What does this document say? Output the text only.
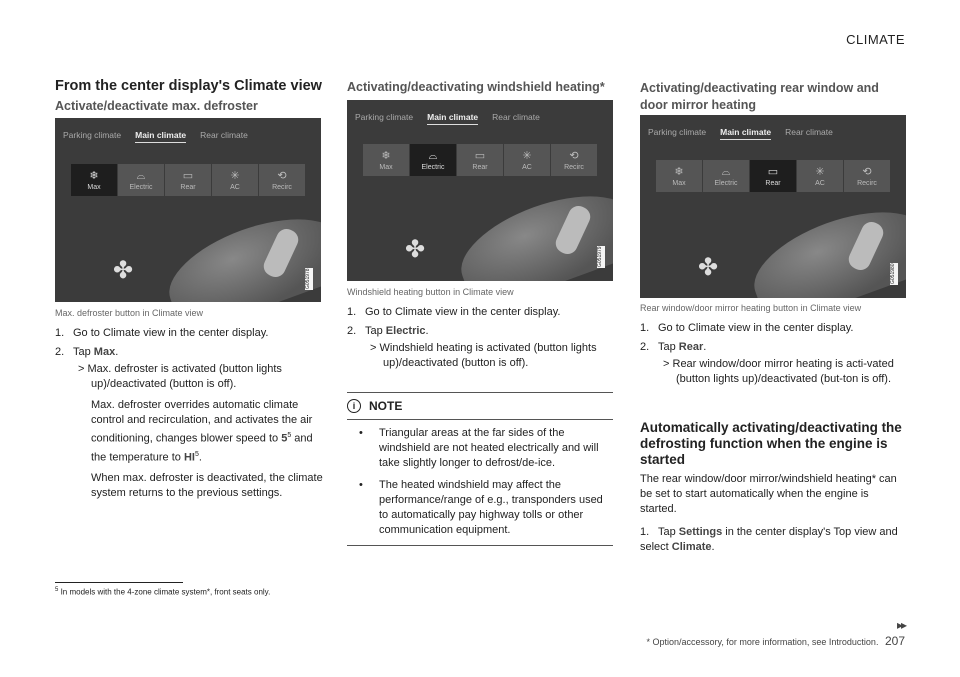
CLIMATE
From the center display's Climate view
Activate/deactivate max. defroster
Parking climate Main climate Rear climate
❄
Max
⌓
Electric
▭
Rear
✳
AC
⟲
Recirc
✤	G051978
Max. defroster button in Climate view
1. Go to Climate view in the center display.
2. Tap Max.
> Max. defroster is activated (button lights up)/deactivated (button is off).
Max. defroster overrides automatic climate control and recirculation, and activates the air conditioning, changes blower speed to $5^5$ and the temperature to $HI^5$.
When max. defroster is deactivated, the climate system returns to the previous settings.
Activating/deactivating windshield heating*
Parking climate Main climate Rear climate
❄
Max
⌓
Electric
▭
Rear
✳
AC
⟲
Recirc
✤	G051979
Windshield heating button in Climate view
1. Go to Climate view in the center display.
2. Tap Electric.
> Windshield heating is activated (button lights up)/deactivated (button is off).
i	NOTE
• Triangular areas at the far sides of the windshield are not heated electrically and will take slightly longer to defrost/de-ice.
• The heated windshield may affect the performance/range of e.g., transponders used to automatically pay highway tolls or other communication equipment.
Activating/deactivating rear window and
door mirror heating
Parking climate Main climate Rear climate
❄
Max
⌓
Electric
▭
Rear
✳
AC
⟲
Recirc
✤	G051980
Rear window/door mirror heating button in Climate view
1. Go to Climate view in the center display.
2. Tap Rear.
> Rear window/door mirror heating is acti-vated (button lights up)/deactivated (but-ton is off).
Automatically activating/deactivating the defrosting function when the engine is started
The rear window/door mirror/windshield heating* can be set to start automatically when the engine is started.
1. Tap Settings in the center display's Top view and select Climate.
$^5$ In models with the 4-zone climate system*, front seats only.
▸▸
* Option/accessory, for more information, see Introduction. 207
